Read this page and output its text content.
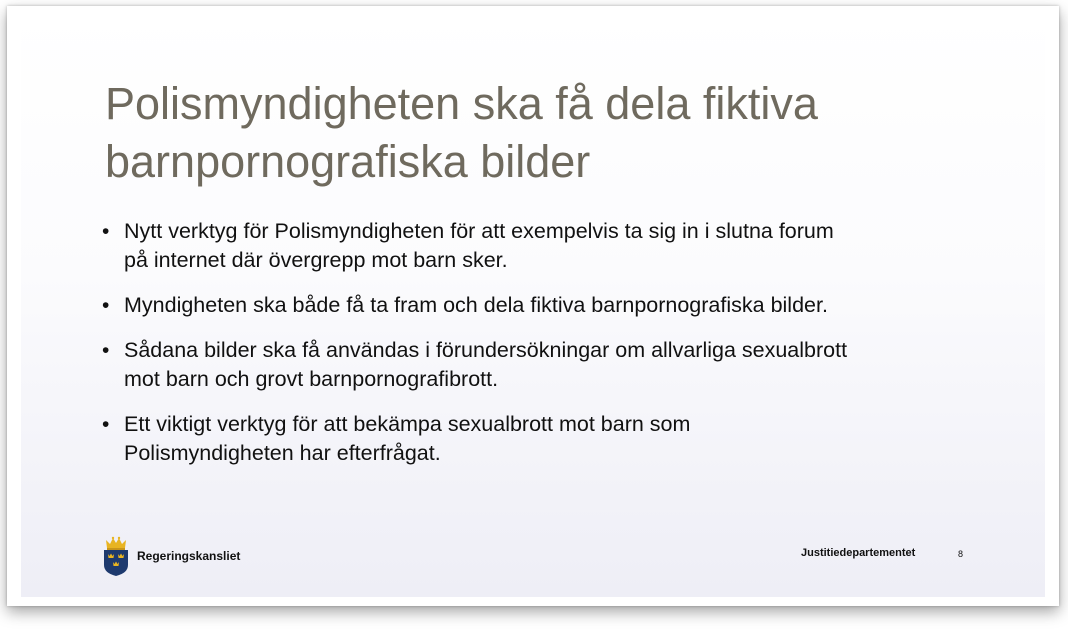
Polismyndigheten ska få dela fiktiva
barnpornografiska bilder
• Nytt verktyg för Polismyndigheten för att exempelvis ta sig in i slutna forum
på internet där övergrepp mot barn sker.
• Myndigheten ska både få ta fram och dela fiktiva barnpornografiska bilder.
• Sådana bilder ska få användas i förundersökningar om allvarliga sexualbrott
mot barn och grovt barnpornografibrott.
• Ett viktigt verktyg för att bekämpa sexualbrott mot barn som
Polismyndigheten har efterfrågat.
Regeringskansliet	Justitiedepartementet	8
